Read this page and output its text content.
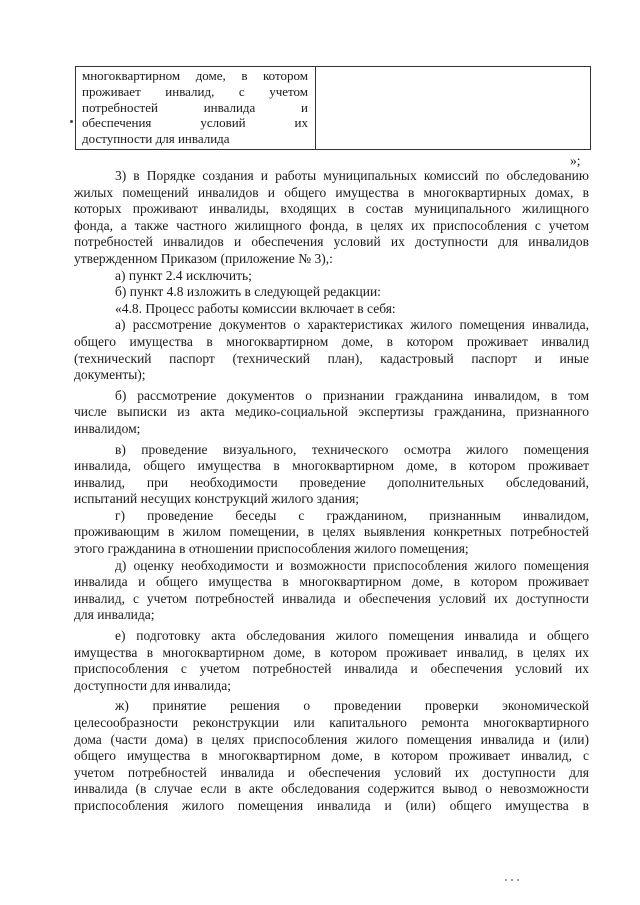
многоквартирном доме, в котором
проживает инвалид, с учетом
потребностей инвалида и
обеспечения условий их
доступности для инвалида
»;
3) в Порядке создания и работы муниципальных комиссий по обследованию
жилых помещений инвалидов и общего имущества в многоквартирных домах, в
которых проживают инвалиды, входящих в состав муниципального жилищного
фонда, а также частного жилищного фонда, в целях их приспособления с учетом
потребностей инвалидов и обеспечения условий их доступности для инвалидов
утвержденном Приказом (приложение № 3),:
а) пункт 2.4 исключить;
б) пункт 4.8 изложить в следующей редакции:
«4.8. Процесс работы комиссии включает в себя:
а) рассмотрение документов о характеристиках жилого помещения инвалида,
общего имущества в многоквартирном доме, в котором проживает инвалид
(технический паспорт (технический план), кадастровый паспорт и иные
документы);
б) рассмотрение документов о признании гражданина инвалидом, в том
числе выписки из акта медико-социальной экспертизы гражданина, признанного
инвалидом;
в) проведение визуального, технического осмотра жилого помещения
инвалида, общего имущества в многоквартирном доме, в котором проживает
инвалид, при необходимости проведение дополнительных обследований,
испытаний несущих конструкций жилого здания;
г) проведение беседы с гражданином, признанным инвалидом,
проживающим в жилом помещении, в целях выявления конкретных потребностей
этого гражданина в отношении приспособления жилого помещения;
д) оценку необходимости и возможности приспособления жилого помещения
инвалида и общего имущества в многоквартирном доме, в котором проживает
инвалид, с учетом потребностей инвалида и обеспечения условий их доступности
для инвалида;
е) подготовку акта обследования жилого помещения инвалида и общего
имущества в многоквартирном доме, в котором проживает инвалид, в целях их
приспособления с учетом потребностей инвалида и обеспечения условий их
доступности для инвалида;
ж) принятие решения о проведении проверки экономической
целесообразности реконструкции или капитального ремонта многоквартирного
дома (части дома) в целях приспособления жилого помещения инвалида и (или)
общего имущества в многоквартирном доме, в котором проживает инвалид, с
учетом потребностей инвалида и обеспечения условий их доступности для
инвалида (в случае если в акте обследования содержится вывод о невозможности
приспособления жилого помещения инвалида и (или) общего имущества в
